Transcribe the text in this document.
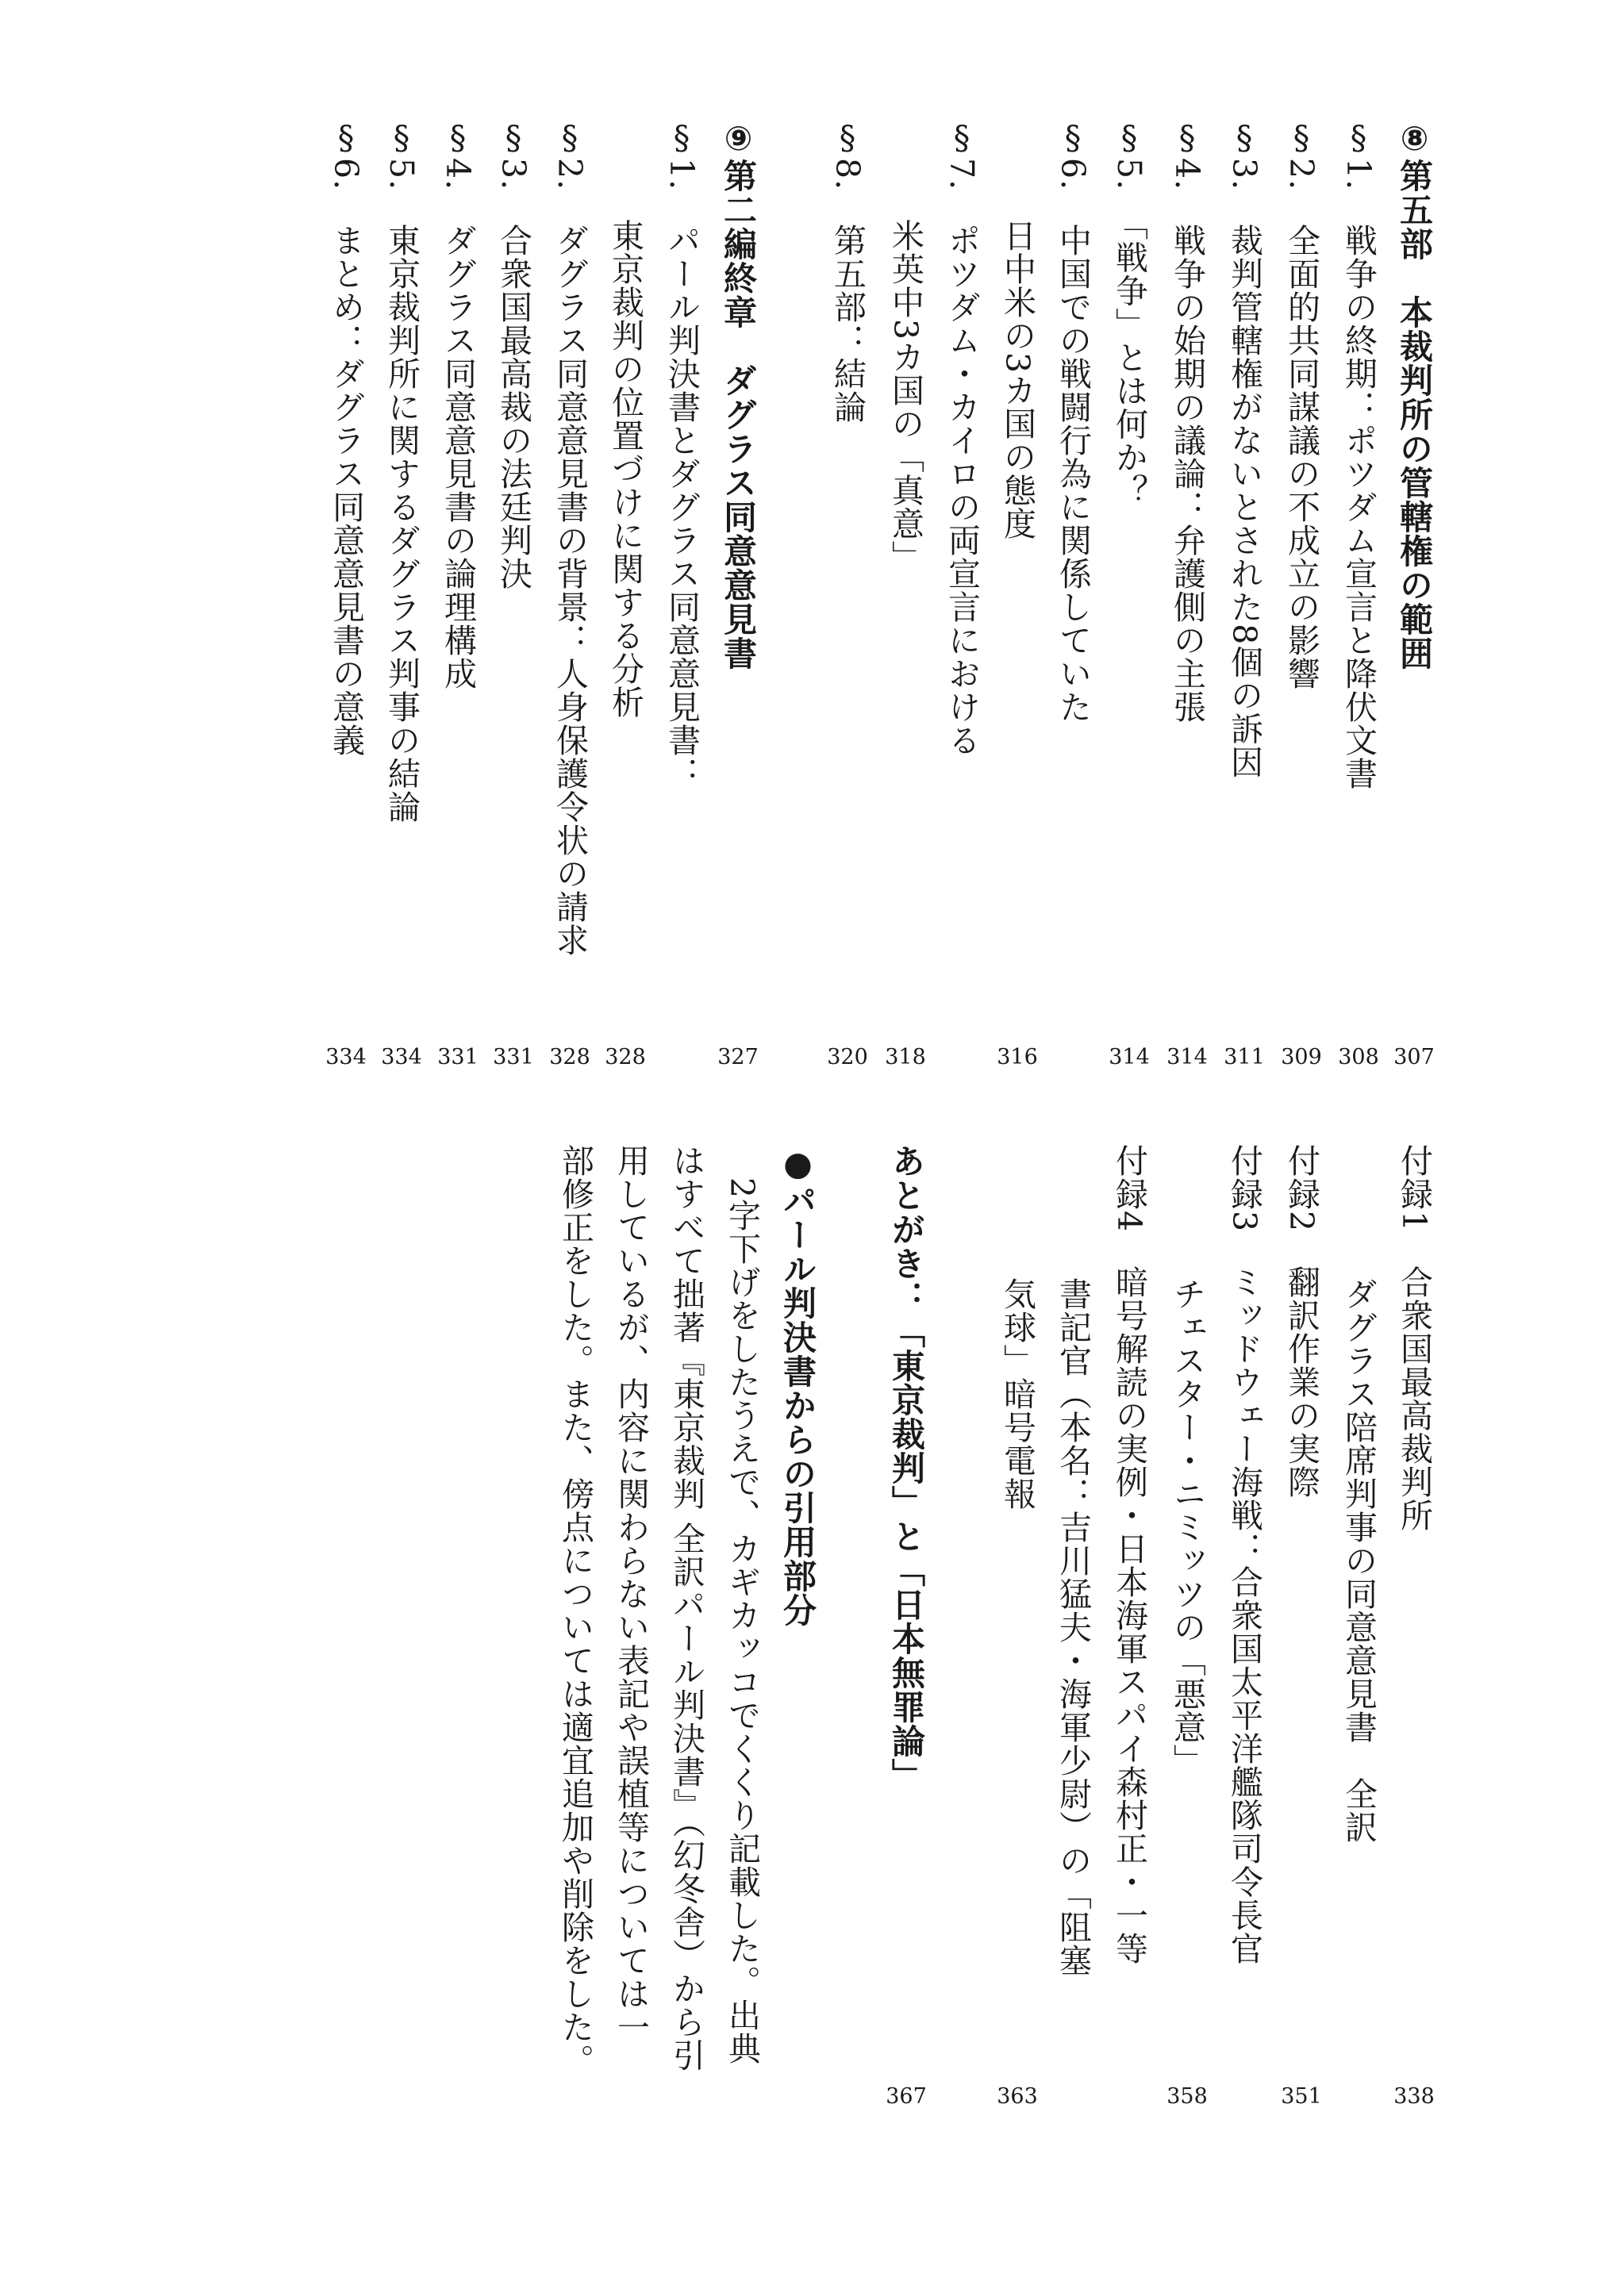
⑧第五部　本裁判所の管轄権の範囲
307
§1.　戦争の終期：ポツダム宣言と降伏文書
308
§2.　全面的共同謀議の不成立の影響
309
§3.　裁判管轄権がないとされた8個の訴因
311
§4.　戦争の始期の議論：弁護側の主張
314
§5.　「戦争」とは何か？
314
§6.　中国での戦闘行為に関係していた
　　　日中米の3カ国の態度
316
§7.　ポツダム・カイロの両宣言における
　　　米英中3カ国の「真意」
318
§8.　第五部：結論
320
⑨第二編終章　ダグラス同意意見書
327
§1.　パール判決書とダグラス同意意見書：
　　　東京裁判の位置づけに関する分析
328
§2.　ダグラス同意意見書の背景：人身保護令状の請求
328
§3.　合衆国最高裁の法廷判決
331
§4.　ダグラス同意意見書の論理構成
331
§5.　東京裁判所に関するダグラス判事の結論
334
§6.　まとめ：ダグラス同意意見書の意義
334
付録1　合衆国最高裁判所
338
　　　　ダグラス陪席判事の同意意見書　全訳
付録2　翻訳作業の実際
351
付録3　ミッドウェー海戦：合衆国太平洋艦隊司令長官
　　　　チェスター・ニミッツの「悪意」
358
付録4　暗号解読の実例・日本海軍スパイ森村正・一等
　　　　書記官（本名：吉川猛夫・海軍少尉）の「阻塞
　　　　気球」暗号電報
363
あとがき：「東京裁判」と「日本無罪論」
367
●パール判決書からの引用部分
　2字下げをしたうえで、カギカッコでくくり記載した。出典
はすべて拙著『東京裁判 全訳パール判決書』（幻冬舎）から引
用しているが、内容に関わらない表記や誤植等については一
部修正をした。また、傍点については適宜追加や削除をした。
